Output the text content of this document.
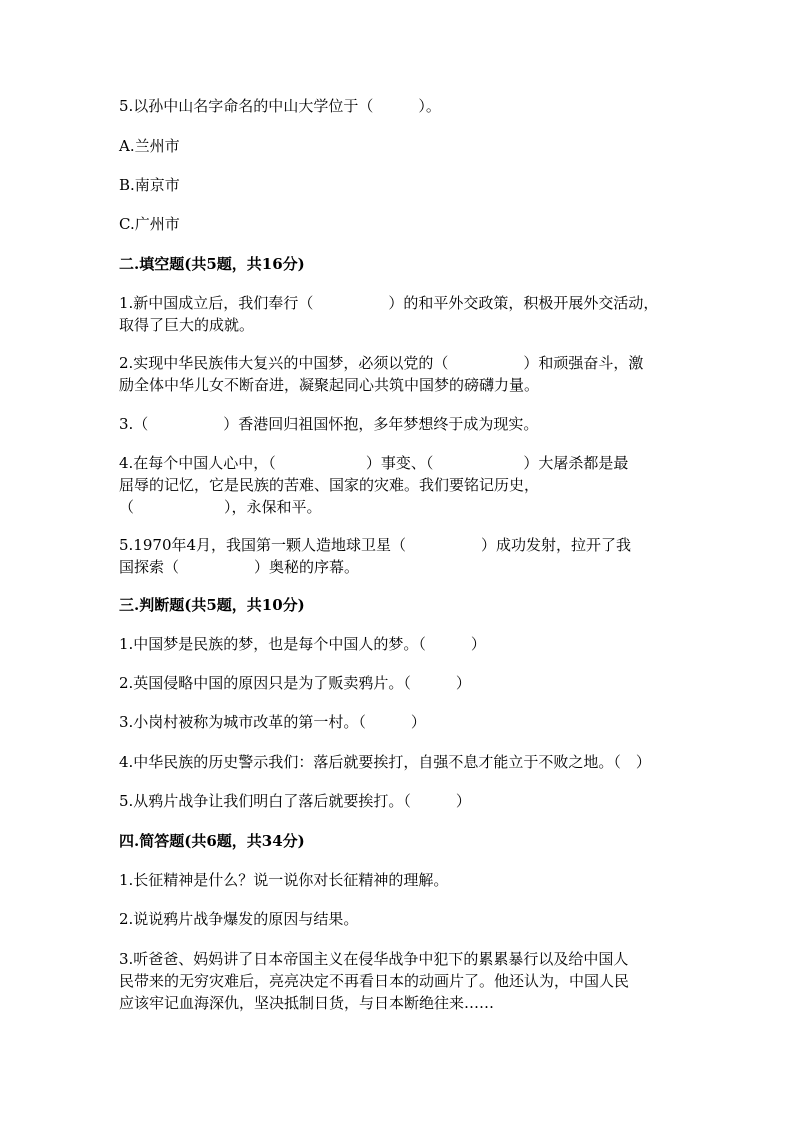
5.以孙中山名字命名的中山大学位于（　　　）。
A.兰州市
B.南京市
C.广州市
二.填空题(共5题，共16分)
1.新中国成立后，我们奉行（　　　　　）的和平外交政策，积极开展外交活动，
取得了巨大的成就。
2.实现中华民族伟大复兴的中国梦，必须以党的（　　　　　）和顽强奋斗，激
励全体中华儿女不断奋进，凝聚起同心共筑中国梦的磅礴力量。
3.（　　　　　）香港回归祖国怀抱，多年梦想终于成为现实。
4.在每个中国人心中，（　　　　　　）事变、（　　　　　　）大屠杀都是最
屈辱的记忆，它是民族的苦难、国家的灾难。我们要铭记历史，
（　　　　　　），永保和平。
5.1970年4月，我国第一颗人造地球卫星（　　　　　）成功发射，拉开了我
国探索（　　　　　）奥秘的序幕。
三.判断题(共5题，共10分)
1.中国梦是民族的梦，也是每个中国人的梦。（　　　）
2.英国侵略中国的原因只是为了贩卖鸦片。（　　　）
3.小岗村被称为城市改革的第一村。（　　　）
4.中华民族的历史警示我们：落后就要挨打，自强不息才能立于不败之地。（　）
5.从鸦片战争让我们明白了落后就要挨打。（　　　）
四.简答题(共6题，共34分)
1.长征精神是什么？说一说你对长征精神的理解。
2.说说鸦片战争爆发的原因与结果。
3.听爸爸、妈妈讲了日本帝国主义在侵华战争中犯下的累累暴行以及给中国人
民带来的无穷灾难后，亮亮决定不再看日本的动画片了。他还认为，中国人民
应该牢记血海深仇，坚决抵制日货，与日本断绝往来……
